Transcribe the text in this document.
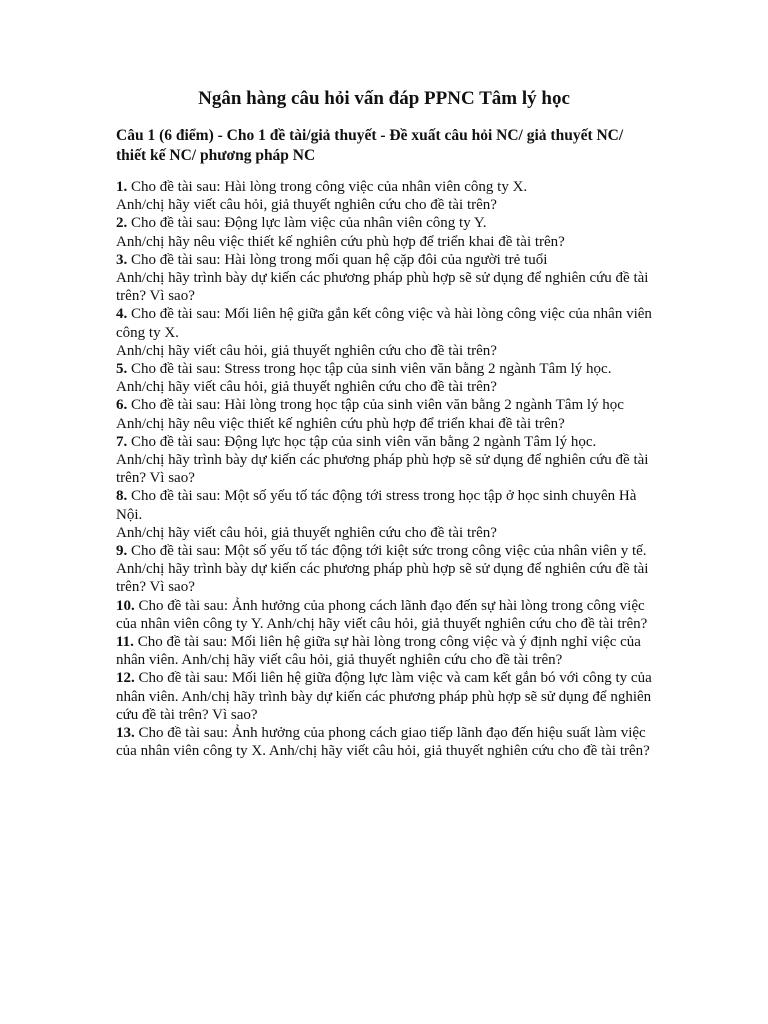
Ngân hàng câu hỏi vấn đáp PPNC Tâm lý học
Câu 1 (6 điểm) - Cho 1 đề tài/giả thuyết - Đề xuất câu hỏi NC/ giả thuyết NC/ thiết kế NC/ phương pháp NC

1. Cho đề tài sau: Hài lòng trong công việc của nhân viên công ty X.

Anh/chị hãy viết câu hỏi, giả thuyết nghiên cứu cho đề tài trên?

2. Cho đề tài sau: Động lực làm việc của nhân viên công ty Y.

Anh/chị hãy nêu việc thiết kế nghiên cứu phù hợp để triển khai đề tài trên?

3. Cho đề tài sau: Hài lòng trong mối quan hệ cặp đôi của người trẻ tuổi

Anh/chị hãy trình bày dự kiến các phương pháp phù hợp sẽ sử dụng để nghiên cứu đề tài trên? Vì sao?

4. Cho đề tài sau: Mối liên hệ giữa gắn kết công việc và hài lòng công việc của nhân viên công ty X.

Anh/chị hãy viết câu hỏi, giả thuyết nghiên cứu cho đề tài trên?

5. Cho đề tài sau: Stress trong học tập của sinh viên văn bằng 2 ngành Tâm lý học.

Anh/chị hãy viết câu hỏi, giả thuyết nghiên cứu cho đề tài trên?

6. Cho đề tài sau: Hài lòng trong học tập của sinh viên văn bằng 2 ngành Tâm lý học

Anh/chị hãy nêu việc thiết kế nghiên cứu phù hợp để triển khai đề tài trên?

7. Cho đề tài sau: Động lực học tập của sinh viên văn bằng 2 ngành Tâm lý học.

Anh/chị hãy trình bày dự kiến các phương pháp phù hợp sẽ sử dụng để nghiên cứu đề tài trên? Vì sao?

8. Cho đề tài sau: Một số yếu tố tác động tới stress trong học tập ở học sinh chuyên Hà Nội.

Anh/chị hãy viết câu hỏi, giả thuyết nghiên cứu cho đề tài trên?

9. Cho đề tài sau: Một số yếu tố tác động tới kiệt sức trong công việc của nhân viên y tế.

Anh/chị hãy trình bày dự kiến các phương pháp phù hợp sẽ sử dụng để nghiên cứu đề tài trên? Vì sao?

10. Cho đề tài sau: Ảnh hưởng của phong cách lãnh đạo đến sự hài lòng trong công việc của nhân viên công ty Y. Anh/chị hãy viết câu hỏi, giả thuyết nghiên cứu cho đề tài trên?

11. Cho đề tài sau: Mối liên hệ giữa sự hài lòng trong công việc và ý định nghỉ việc của nhân viên. Anh/chị hãy viết câu hỏi, giả thuyết nghiên cứu cho đề tài trên?

12. Cho đề tài sau: Mối liên hệ giữa động lực làm việc và cam kết gắn bó với công ty của nhân viên. Anh/chị hãy trình bày dự kiến các phương pháp phù hợp sẽ sử dụng để nghiên cứu đề tài trên? Vì sao?

13. Cho đề tài sau: Ảnh hưởng của phong cách giao tiếp lãnh đạo đến hiệu suất làm việc của nhân viên công ty X. Anh/chị hãy viết câu hỏi, giả thuyết nghiên cứu cho đề tài trên?
